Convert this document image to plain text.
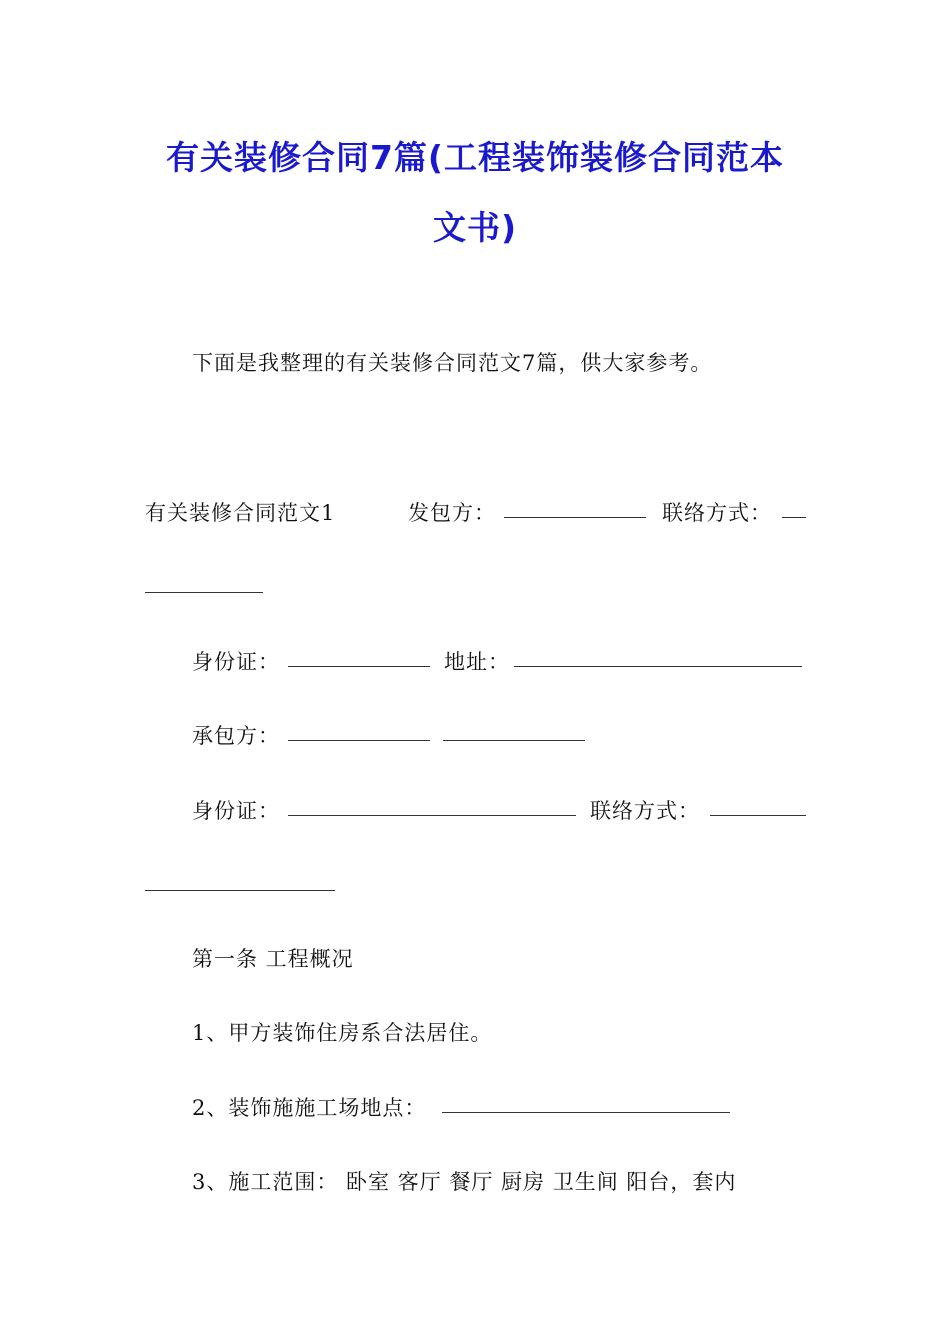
有关装修合同7篇(工程装饰装修合同范本
文书)
下面是我整理的有关装修合同范文7篇，供大家参考。
有关装修合同范文1	发包方：	联络方式：
身份证：	地址：
承包方：
身份证：	联络方式：
第一条 工程概况
1、甲方装饰住房系合法居住。
2、装饰施施工场地点：
3、施工范围： 卧室 客厅 餐厅 厨房 卫生间 阳台，套内
